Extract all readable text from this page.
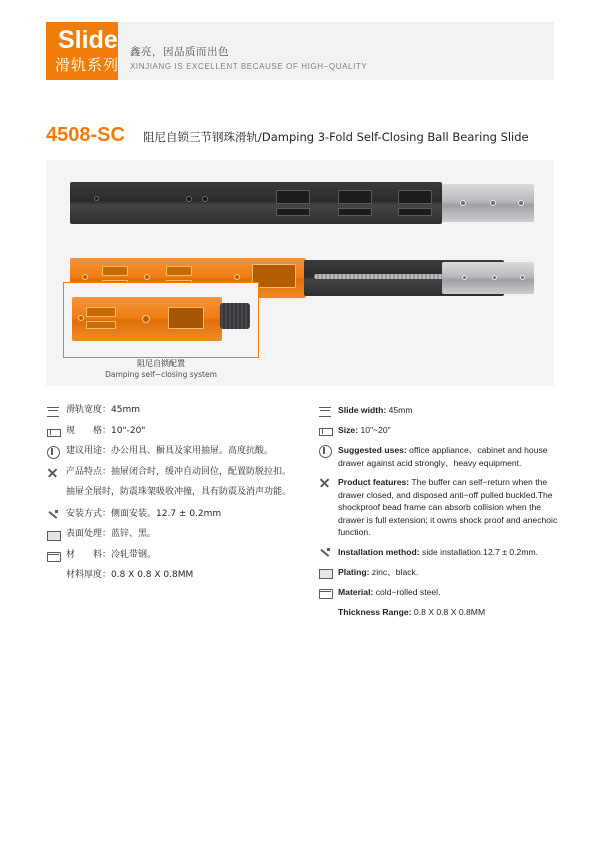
Slide
滑轨系列
鑫亮，因品质而出色
XINJIANG IS EXCELLENT BECAUSE OF HIGH−QUALITY
4508-SC 阻尼自锁三节钢珠滑轨/Damping 3-Fold Self-Closing Ball Bearing Slide
阻尼自锁配置
Damping self−closing system
滑轨宽度：45mm
规　　格：10"-20"
建议用途：办公用具、橱具及家用抽屉。高度抗酸。
产品特点：抽屉闭合时，缓冲自动回位，配置防脱拉扣。
抽屉全展时，防震珠架吸收冲撞，具有防震及消声功能。
安装方式：侧面安装。12.7 ± 0.2mm
表面处理：蓝锌、黑。
材　　料：冷轧带钢。
材料厚度：0.8 X 0.8 X 0.8MM
Slide width: 45mm
Size: 10"~20"
Suggested uses: office appliance、cabinet and house drawer against acid strongly、heavy equipment.
Product features: The buffer can self−return when the drawer closed, and disposed anti−off pulled buckled.The shockproof bead frame can absorb collision when the drawer is full extension; it owns shock proof and anechoic function.
Installation method: side installation.12.7 ± 0.2mm.
Plating: zinc、black.
Material: cold−rolled steel.
Thickness Range: 0.8 X 0.8 X 0.8MM
